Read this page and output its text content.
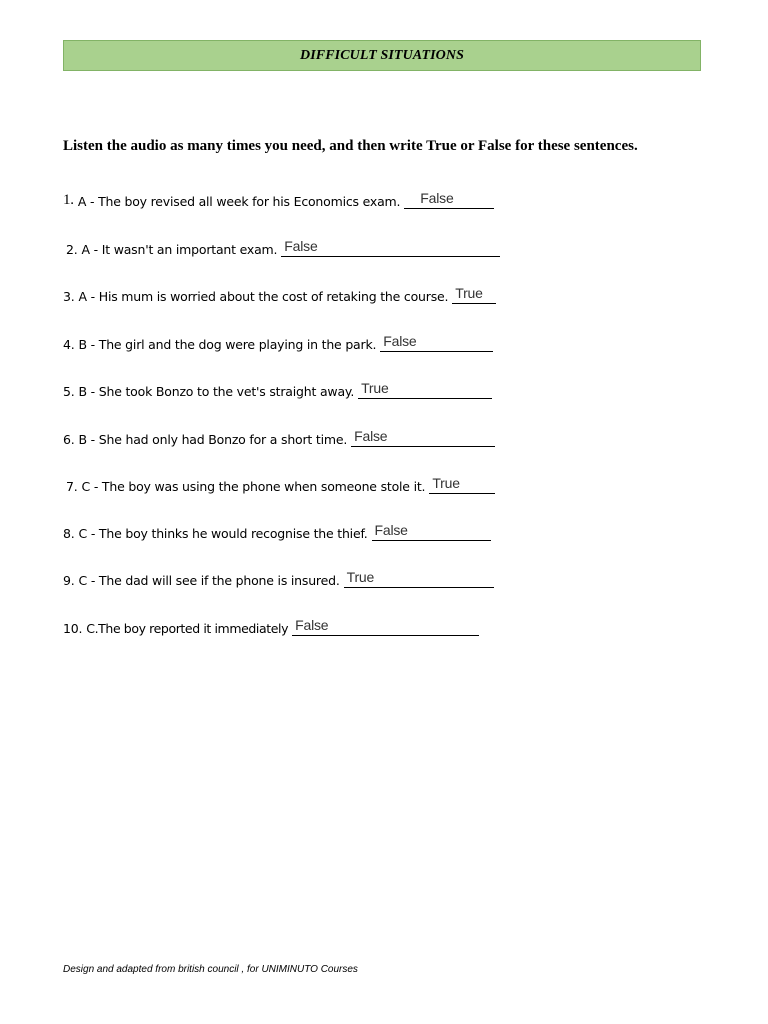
DIFFICULT SITUATIONS
Listen the audio as many times you need, and then write True or False for these sentences.
1. A - The boy revised all week for his Economics exam. False
2. A - It wasn't an important exam. False
3. A - His mum is worried about the cost of retaking the course. True
4. B - The girl and the dog were playing in the park. False
5. B - She took Bonzo to the vet's straight away. True
6. B - She had only had Bonzo for a short time. False
7. C - The boy was using the phone when someone stole it. True
8. C - The boy thinks he would recognise the thief. False
9. C - The dad will see if the phone is insured. True
10. C.The boy reported it immediately False
Design and adapted from british council , for UNIMINUTO Courses
